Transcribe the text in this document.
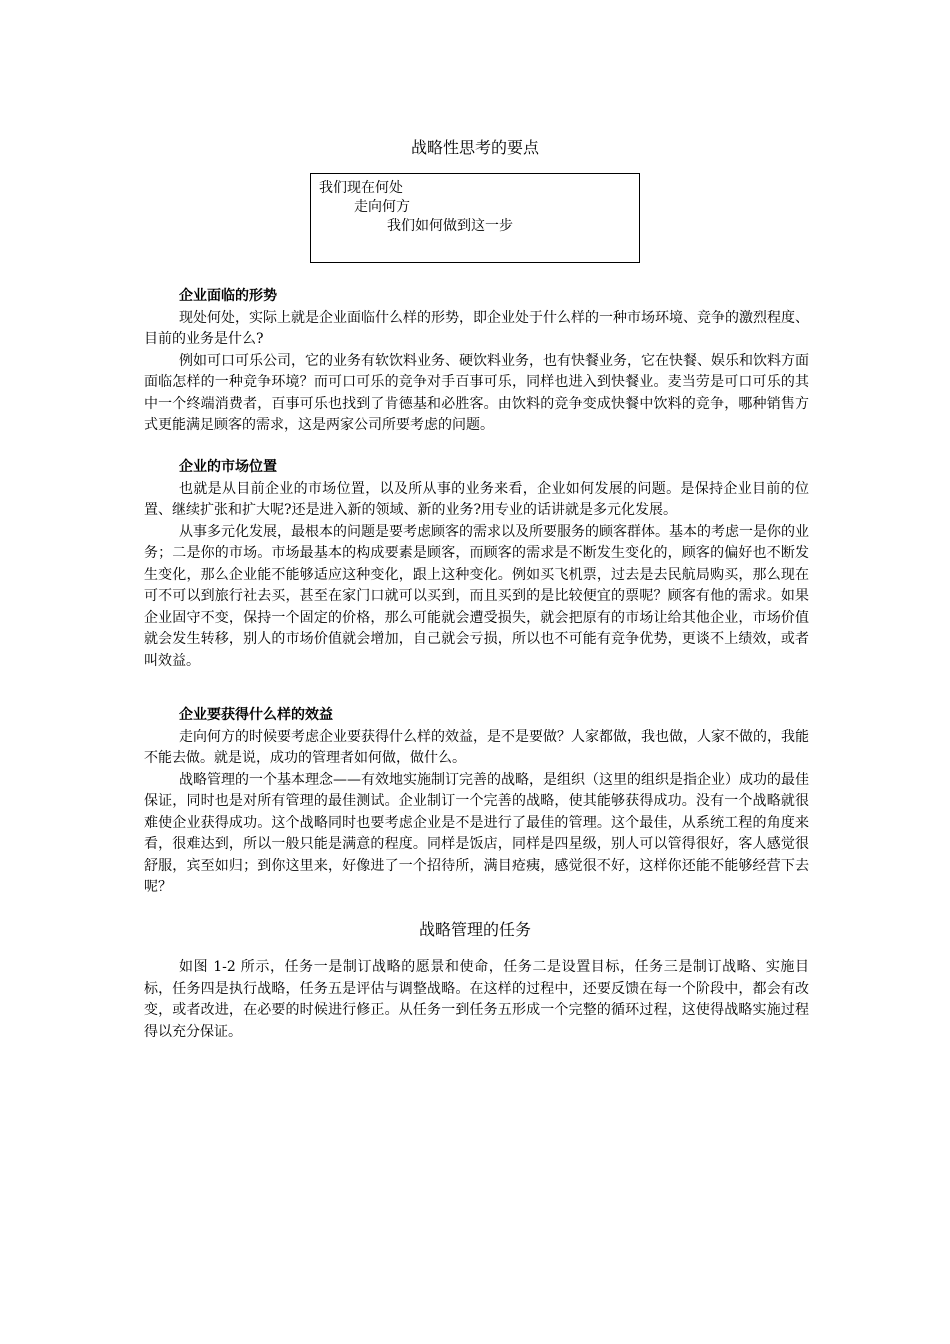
战略性思考的要点
我们现在何处
走向何方
我们如何做到这一步
企业面临的形势

现处何处，实际上就是企业面临什么样的形势，即企业处于什么样的一种市场环境、竞争的激烈程度、目前的业务是什么?

例如可口可乐公司，它的业务有软饮料业务、硬饮料业务，也有快餐业务，它在快餐、娱乐和饮料方面面临怎样的一种竞争环境？而可口可乐的竞争对手百事可乐，同样也进入到快餐业。麦当劳是可口可乐的其中一个终端消费者，百事可乐也找到了肯德基和必胜客。由饮料的竞争变成快餐中饮料的竞争，哪种销售方式更能满足顾客的需求，这是两家公司所要考虑的问题。

企业的市场位置

也就是从目前企业的市场位置，以及所从事的业务来看，企业如何发展的问题。是保持企业目前的位置、继续扩张和扩大呢?还是进入新的领域、新的业务?用专业的话讲就是多元化发展。

从事多元化发展，最根本的问题是要考虑顾客的需求以及所要服务的顾客群体。基本的考虑一是你的业务；二是你的市场。市场最基本的构成要素是顾客，而顾客的需求是不断发生变化的，顾客的偏好也不断发生变化，那么企业能不能够适应这种变化，跟上这种变化。例如买飞机票，过去是去民航局购买，那么现在可不可以到旅行社去买，甚至在家门口就可以买到，而且买到的是比较便宜的票呢？顾客有他的需求。如果企业固守不变，保持一个固定的价格，那么可能就会遭受损失，就会把原有的市场让给其他企业，市场价值就会发生转移，别人的市场价值就会增加，自己就会亏损，所以也不可能有竞争优势，更谈不上绩效，或者叫效益。

企业要获得什么样的效益

走向何方的时候要考虑企业要获得什么样的效益，是不是要做？人家都做，我也做，人家不做的，我能不能去做。就是说，成功的管理者如何做，做什么。

战略管理的一个基本理念——有效地实施制订完善的战略，是组织（这里的组织是指企业）成功的最佳保证，同时也是对所有管理的最佳测试。企业制订一个完善的战略，使其能够获得成功。没有一个战略就很难使企业获得成功。这个战略同时也要考虑企业是不是进行了最佳的管理。这个最佳，从系统工程的角度来看，很难达到，所以一般只能是满意的程度。同样是饭店，同样是四星级，别人可以管得很好，客人感觉很舒服，宾至如归；到你这里来，好像进了一个招待所，满目疮痍，感觉很不好，这样你还能不能够经营下去呢？

战略管理的任务

如图 1-2 所示，任务一是制订战略的愿景和使命，任务二是设置目标，任务三是制订战略、实施目标，任务四是执行战略，任务五是评估与调整战略。在这样的过程中，还要反馈在每一个阶段中，都会有改变，或者改进，在必要的时候进行修正。从任务一到任务五形成一个完整的循环过程，这使得战略实施过程得以充分保证。
